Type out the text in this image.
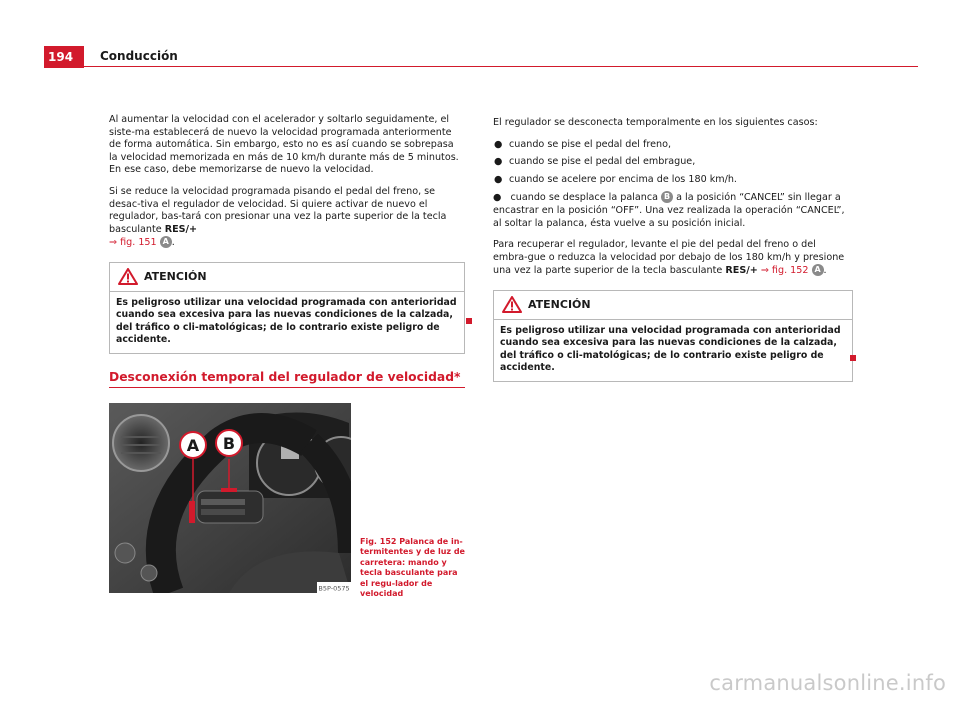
194	Conducción

Al aumentar la velocidad con el acelerador y soltarlo seguidamente, el siste-ma establecerá de nuevo la velocidad programada anteriormente de forma automática. Sin embargo, esto no es así cuando se sobrepasa la velocidad memorizada en más de 10 km/h durante más de 5 minutos. En ese caso, debe memorizarse de nuevo la velocidad.

Si se reduce la velocidad programada pisando el pedal del freno, se desac-tiva el regulador de velocidad. Si quiere activar de nuevo el regulador, bas-tará con presionar una vez la parte superior de la tecla basculante RES/+
⇒ fig. 151 A .

ATENCIÓN
Es peligroso utilizar una velocidad programada con anterioridad cuando sea excesiva para las nuevas condiciones de la calzada, del tráfico o cli-matológicas; de lo contrario existe peligro de accidente.
Desconexión temporal del regulador de velocidad*
A B
B5P-0575
Fig. 152 Palanca de in-termitentes y de luz de carretera: mando y tecla basculante para el regu-lador de velocidad

El regulador se desconecta temporalmente en los siguientes casos:

● cuando se pise el pedal del freno,
● cuando se pise el pedal del embrague,
● cuando se acelere por encima de los 180 km/h.

● cuando se desplace la palanca B a la posición “CANCEL” sin llegar a encastrar en la posición “OFF”. Una vez realizada la operación “CANCEL”, al soltar la palanca, ésta vuelve a su posición inicial.

Para recuperar el regulador, levante el pie del pedal del freno o del embra-gue o reduzca la velocidad por debajo de los 180 km/h y presione una vez la parte superior de la tecla basculante RES/+ ⇒ fig. 152 A .

ATENCIÓN
Es peligroso utilizar una velocidad programada con anterioridad cuando sea excesiva para las nuevas condiciones de la calzada, del tráfico o cli-matológicas; de lo contrario existe peligro de accidente.
carmanualsonline.info
